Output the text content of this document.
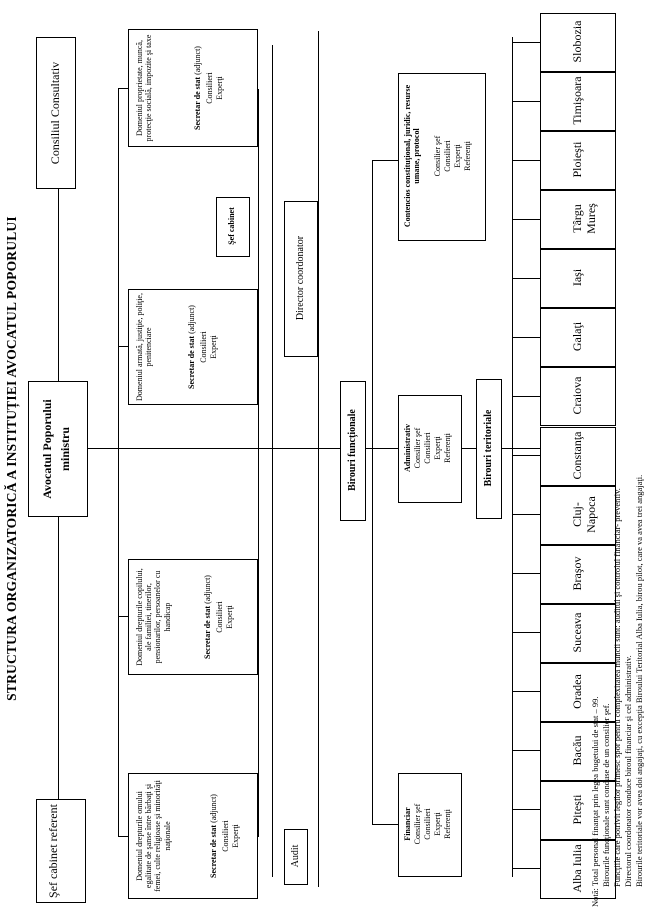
STRUCTURA ORGANIZATORICĂ A INSTITUȚIEI AVOCATUL POPORULUI
Şef cabinet referent
Avocatul Poporului ministru
Consiliul Consultativ
Domeniul drepturile omului egalitate de şanse între bărbaţi şi femei, culte religioase şi minorităţi naţionale	Secretar de stat (adjunct)
Consilieri Experţi
Domeniul drepturile copilului, ale familiei, tinerilor, pensionarilor, persoanelor cu handicap	Secretar de stat (adjunct)
Consilieri Experţi
Domeniul armată, justiţie, poliţie, penitenciare	Secretar de stat (adjunct)
Consilieri Experţi
Domeniul proprietate, muncă, protecţie socială, impozite şi taxe	Secretar de stat (adjunct)
Consilieri Experţi
Şef cabinet
Audit
Director coordonator
Birouri funcţionale
Financiar Consilier şef Consilieri Experţi Referenţi
Administrativ Consilier şef Consilieri Experţi Referenţi
Contencios constituţional, juridic, resurse umane, protocol Consilier şef Consilieri Experţi Referenţi
Birouri teritoriale
Alba Iulia
Piteşti
Bacău
Oradea
Suceava
Braşov
Cluj-Napoca
Constanţa
Craiova
Galaţi
Iaşi
Târgu Mureş
Ploieşti
Timişoara
Slobozia
Notă: Total personal finanţat prin legea bugetului de stat – 99. Birourile funcţionale sunt conduse de un consilier şef. Funcţiile care potrivit legilor primesc spor pentru complexitatea muncii sunt: auditul şi controlul financiar- preventiv. Directorul coordonator conduce biroul financiar şi cel administrativ. Birourile teritoriale vor avea doi angajaţi, cu excepţia Biroului Teritorial Alba Iulia, birou pilot, care va avea trei angajaţi.
